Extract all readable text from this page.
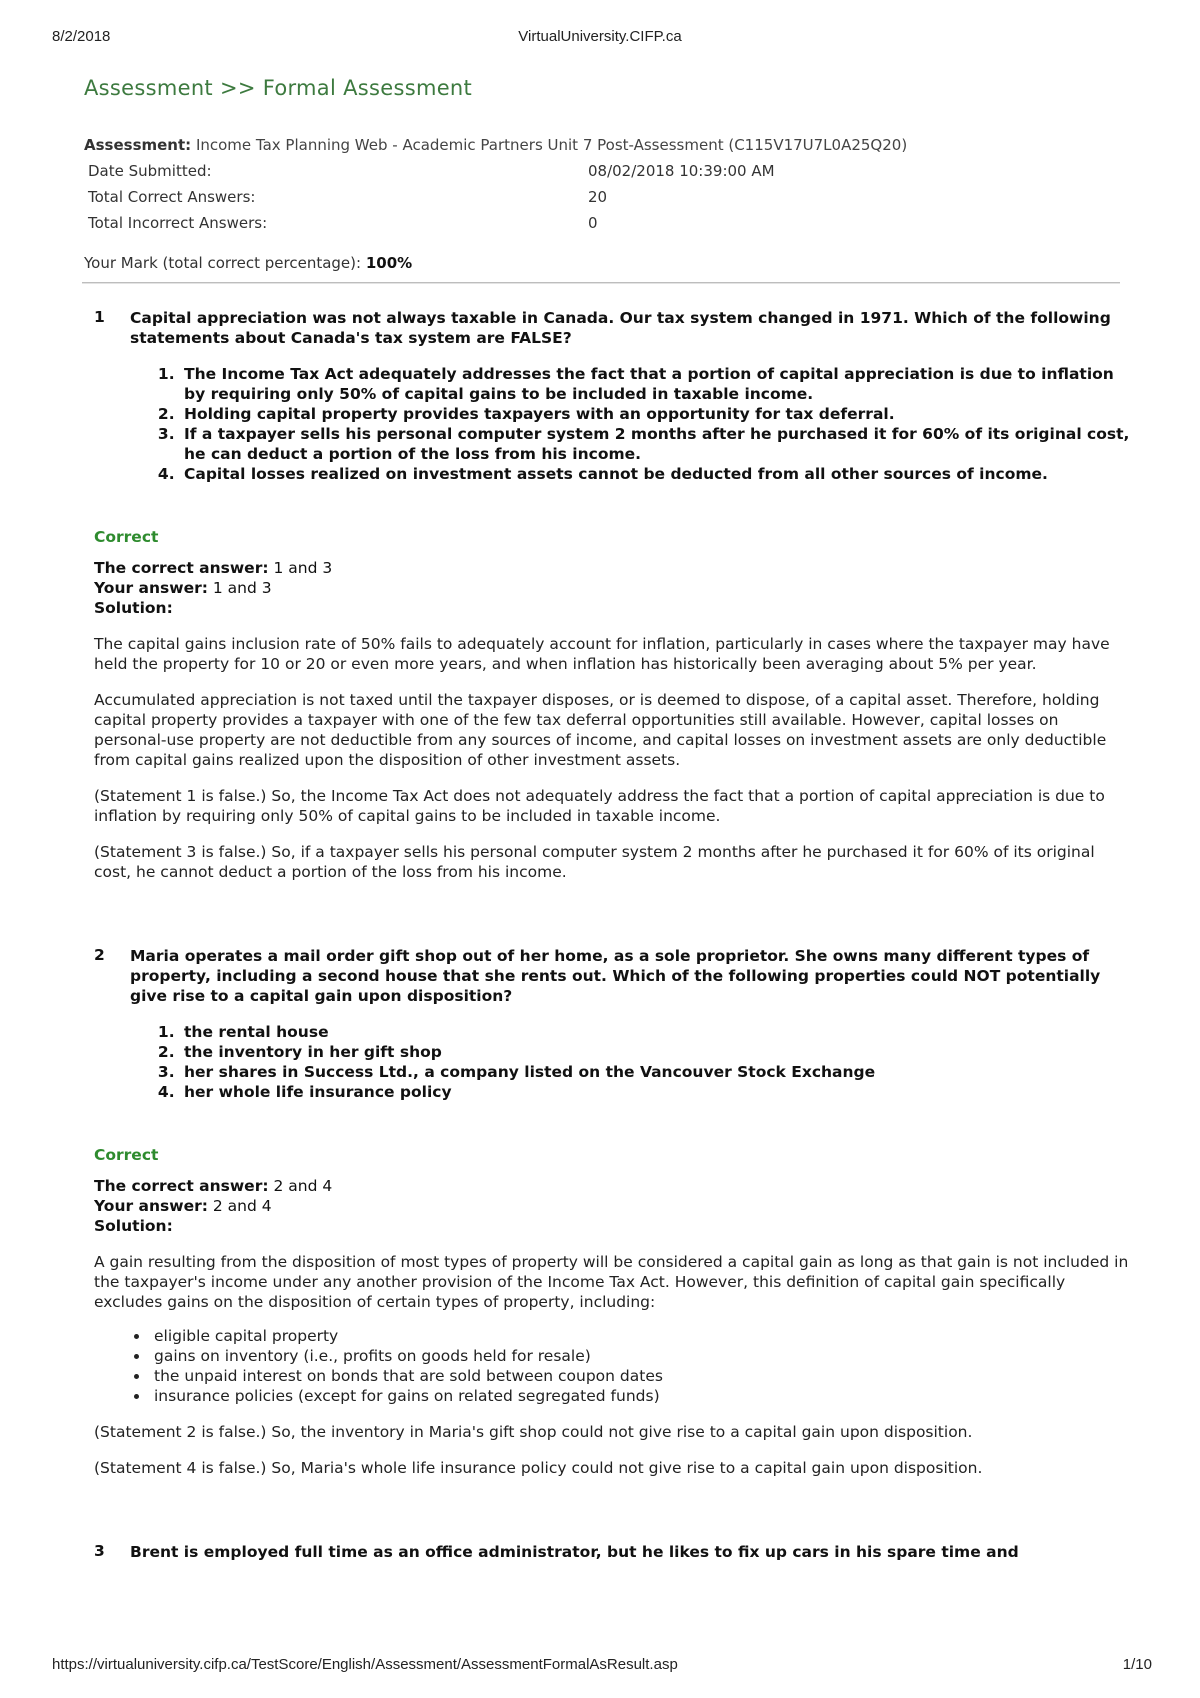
8/2/2018	VirtualUniversity.CIFP.ca
Assessment >> Formal Assessment
Assessment: Income Tax Planning Web - Academic Partners Unit 7 Post-Assessment (C115V17U7L0A25Q20)
Date Submitted:	08/02/2018 10:39:00 AM
Total Correct Answers:	20
Total Incorrect Answers:	0
Your Mark (total correct percentage): 100%
1 Capital appreciation was not always taxable in Canada. Our tax system changed in 1971. Which of the following statements about Canada's tax system are FALSE?
1. The Income Tax Act adequately addresses the fact that a portion of capital appreciation is due to inflation by requiring only 50% of capital gains to be included in taxable income.
2. Holding capital property provides taxpayers with an opportunity for tax deferral.
3. If a taxpayer sells his personal computer system 2 months after he purchased it for 60% of its original cost, he can deduct a portion of the loss from his income.
4. Capital losses realized on investment assets cannot be deducted from all other sources of income.
Correct
The correct answer: 1 and 3
Your answer: 1 and 3
Solution:

The capital gains inclusion rate of 50% fails to adequately account for inflation, particularly in cases where the taxpayer may have held the property for 10 or 20 or even more years, and when inflation has historically been averaging about 5% per year.

Accumulated appreciation is not taxed until the taxpayer disposes, or is deemed to dispose, of a capital asset. Therefore, holding capital property provides a taxpayer with one of the few tax deferral opportunities still available. However, capital losses on personal-use property are not deductible from any sources of income, and capital losses on investment assets are only deductible from capital gains realized upon the disposition of other investment assets.

(Statement 1 is false.) So, the Income Tax Act does not adequately address the fact that a portion of capital appreciation is due to inflation by requiring only 50% of capital gains to be included in taxable income.

(Statement 3 is false.) So, if a taxpayer sells his personal computer system 2 months after he purchased it for 60% of its original cost, he cannot deduct a portion of the loss from his income.

2 Maria operates a mail order gift shop out of her home, as a sole proprietor. She owns many different types of property, including a second house that she rents out. Which of the following properties could NOT potentially give rise to a capital gain upon disposition?
1. the rental house
2. the inventory in her gift shop
3. her shares in Success Ltd., a company listed on the Vancouver Stock Exchange
4. her whole life insurance policy
Correct
The correct answer: 2 and 4
Your answer: 2 and 4
Solution:

A gain resulting from the disposition of most types of property will be considered a capital gain as long as that gain is not included in the taxpayer's income under any another provision of the Income Tax Act. However, this definition of capital gain specifically excludes gains on the disposition of certain types of property, including:

• eligible capital property
• gains on inventory (i.e., profits on goods held for resale)
• the unpaid interest on bonds that are sold between coupon dates
• insurance policies (except for gains on related segregated funds)

(Statement 2 is false.) So, the inventory in Maria's gift shop could not give rise to a capital gain upon disposition.

(Statement 4 is false.) So, Maria's whole life insurance policy could not give rise to a capital gain upon disposition.

3 Brent is employed full time as an office administrator, but he likes to fix up cars in his spare time and
https://virtualuniversity.cifp.ca/TestScore/English/Assessment/AssessmentFormalAsResult.asp	1/10
